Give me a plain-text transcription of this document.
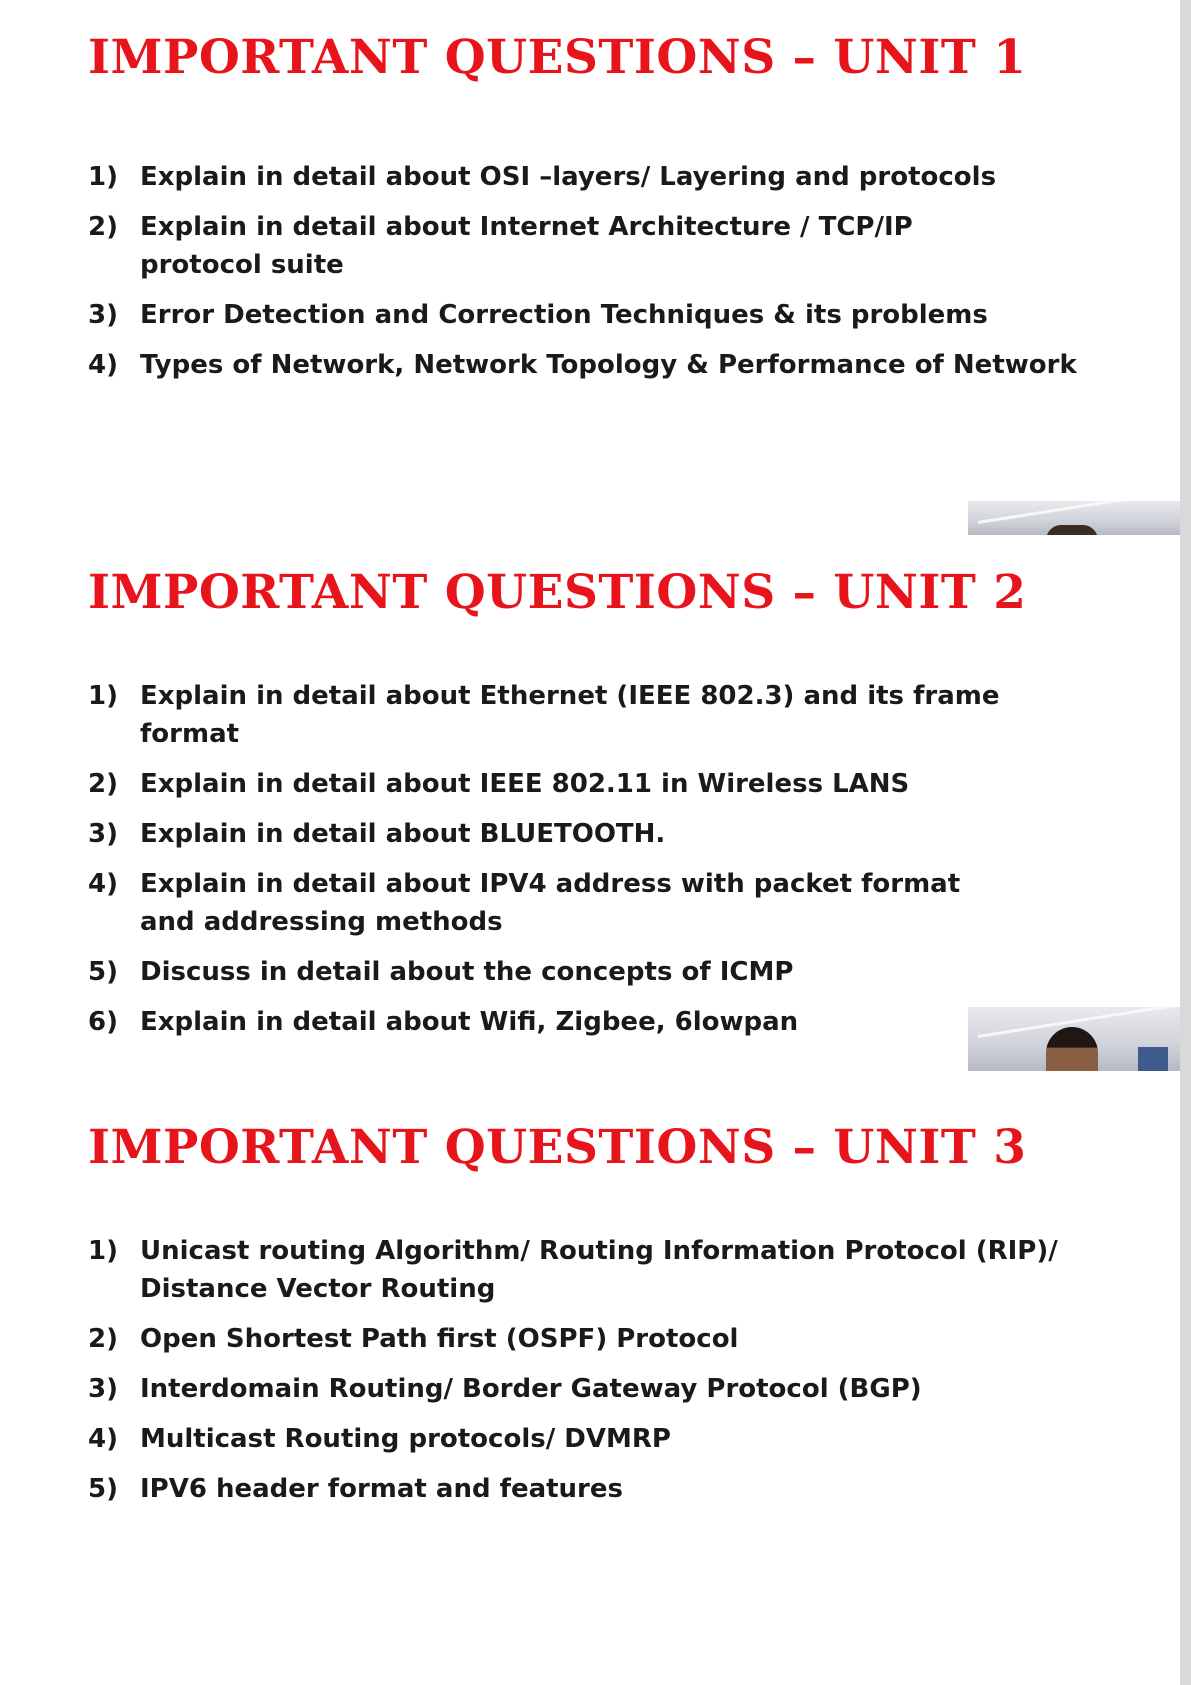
IMPORTANT QUESTIONS – UNIT 1
1) Explain in detail about OSI –layers/ Layering and protocols
2) Explain in detail about Internet Architecture / TCP/IP protocol suite
3) Error Detection and Correction Techniques & its problems
4) Types of Network, Network Topology & Performance of Network
IMPORTANT QUESTIONS – UNIT 2
1) Explain in detail about Ethernet (IEEE 802.3) and its frame format
2) Explain in detail about IEEE 802.11 in Wireless LANS
3) Explain in detail about BLUETOOTH.
4) Explain in detail about IPV4 address with packet format and addressing methods
5) Discuss in detail about the concepts of ICMP
6) Explain in detail about Wifi, Zigbee, 6lowpan
IMPORTANT QUESTIONS – UNIT 3
1) Unicast routing Algorithm/ Routing Information Protocol (RIP)/ Distance Vector Routing
2) Open Shortest Path first (OSPF) Protocol
3) Interdomain Routing/ Border Gateway Protocol (BGP)
4) Multicast Routing protocols/ DVMRP
5) IPV6 header format and features
